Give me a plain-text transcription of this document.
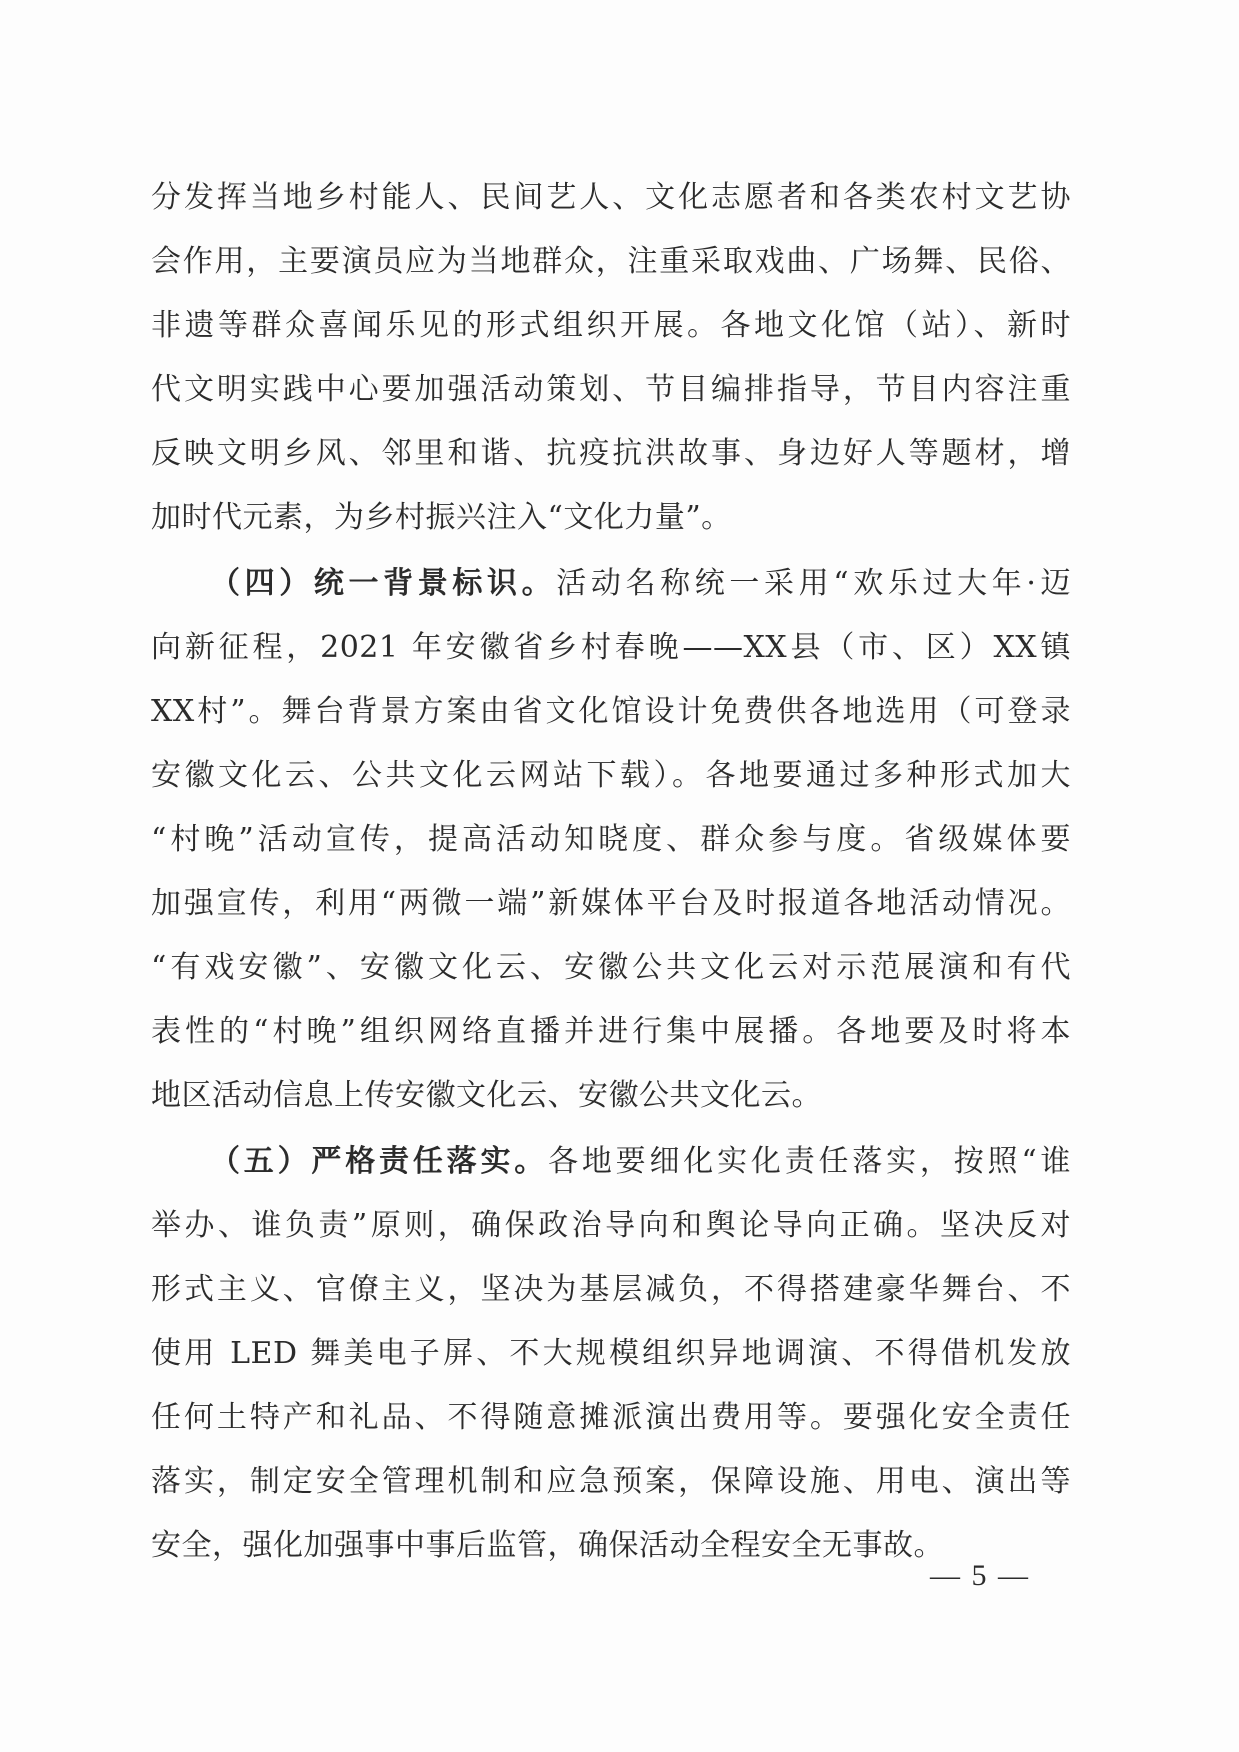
分发挥当地乡村能人、民间艺人、文化志愿者和各类农村文艺协
会作用，主要演员应为当地群众，注重采取戏曲、广场舞、民俗、
非遗等群众喜闻乐见的形式组织开展。各地文化馆（站）、新时
代文明实践中心要加强活动策划、节目编排指导，节目内容注重
反映文明乡风、邻里和谐、抗疫抗洪故事、身边好人等题材，增
加时代元素，为乡村振兴注入“文化力量”。
（四）统一背景标识。活动名称统一采用“欢乐过大年·迈
向新征程，2021 年安徽省乡村春晚——XX县（市、区）XX镇
XX村”。舞台背景方案由省文化馆设计免费供各地选用（可登录
安徽文化云、公共文化云网站下载）。各地要通过多种形式加大
“村晚”活动宣传，提高活动知晓度、群众参与度。省级媒体要
加强宣传，利用“两微一端”新媒体平台及时报道各地活动情况。
“有戏安徽”、安徽文化云、安徽公共文化云对示范展演和有代
表性的“村晚”组织网络直播并进行集中展播。各地要及时将本
地区活动信息上传安徽文化云、安徽公共文化云。
（五）严格责任落实。各地要细化实化责任落实，按照“谁
举办、谁负责”原则，确保政治导向和舆论导向正确。坚决反对
形式主义、官僚主义，坚决为基层减负，不得搭建豪华舞台、不
使用 LED 舞美电子屏、不大规模组织异地调演、不得借机发放
任何土特产和礼品、不得随意摊派演出费用等。要强化安全责任
落实，制定安全管理机制和应急预案，保障设施、用电、演出等
安全，强化加强事中事后监管，确保活动全程安全无事故。
— 5 —
